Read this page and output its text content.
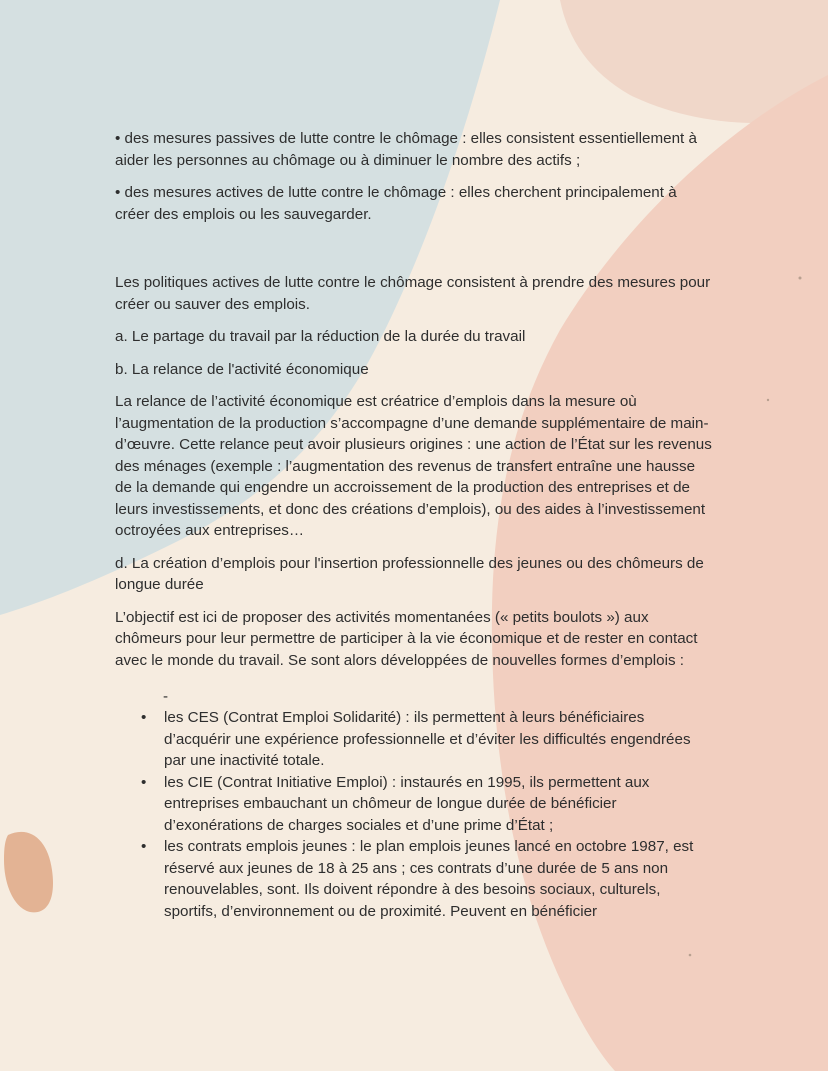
• des mesures passives de lutte contre le chômage : elles consistent essentiellement à aider les personnes au chômage ou à diminuer le nombre des actifs ;

• des mesures actives de lutte contre le chômage : elles cherchent principalement à créer des emplois ou les sauvegarder.

Les politiques actives de lutte contre le chômage consistent à prendre des mesures pour créer ou sauver des emplois.

a. Le partage du travail par la réduction de la durée du travail

b. La relance de l'activité économique

La relance de l’activité économique est créatrice d’emplois dans la mesure où l’augmentation de la production s’accompagne d’une demande supplémentaire de main-d’œuvre. Cette relance peut avoir plusieurs origines : une action de l’État sur les revenus des ménages (exemple : l’augmentation des revenus de transfert entraîne une hausse de la demande qui engendre un accroissement de la production des entreprises et de leurs investissements, et donc des créations d’emplois), ou des aides à l’investissement octroyées aux entreprises…

d. La création d’emplois pour l'insertion professionnelle des jeunes ou des chômeurs de longue durée

L’objectif est ici de proposer des activités momentanées (« petits boulots ») aux chômeurs pour leur permettre de participer à la vie économique et de rester en contact avec le monde du travail. Se sont alors développées de nouvelles formes d’emplois :

-
• les CES (Contrat Emploi Solidarité) : ils permettent à leurs bénéficiaires d’acquérir une expérience professionnelle et d’éviter les difficultés engendrées par une inactivité totale.
• les CIE (Contrat Initiative Emploi) : instaurés en 1995, ils permettent aux entreprises embauchant un chômeur de longue durée de bénéficier d’exonérations de charges sociales et d’une prime d’État ;
• les contrats emplois jeunes : le plan emplois jeunes lancé en octobre 1987, est réservé aux jeunes de 18 à 25 ans ; ces contrats d’une durée de 5 ans non renouvelables, sont. Ils doivent répondre à des besoins sociaux, culturels, sportifs, d’environnement ou de proximité. Peuvent en bénéficier
